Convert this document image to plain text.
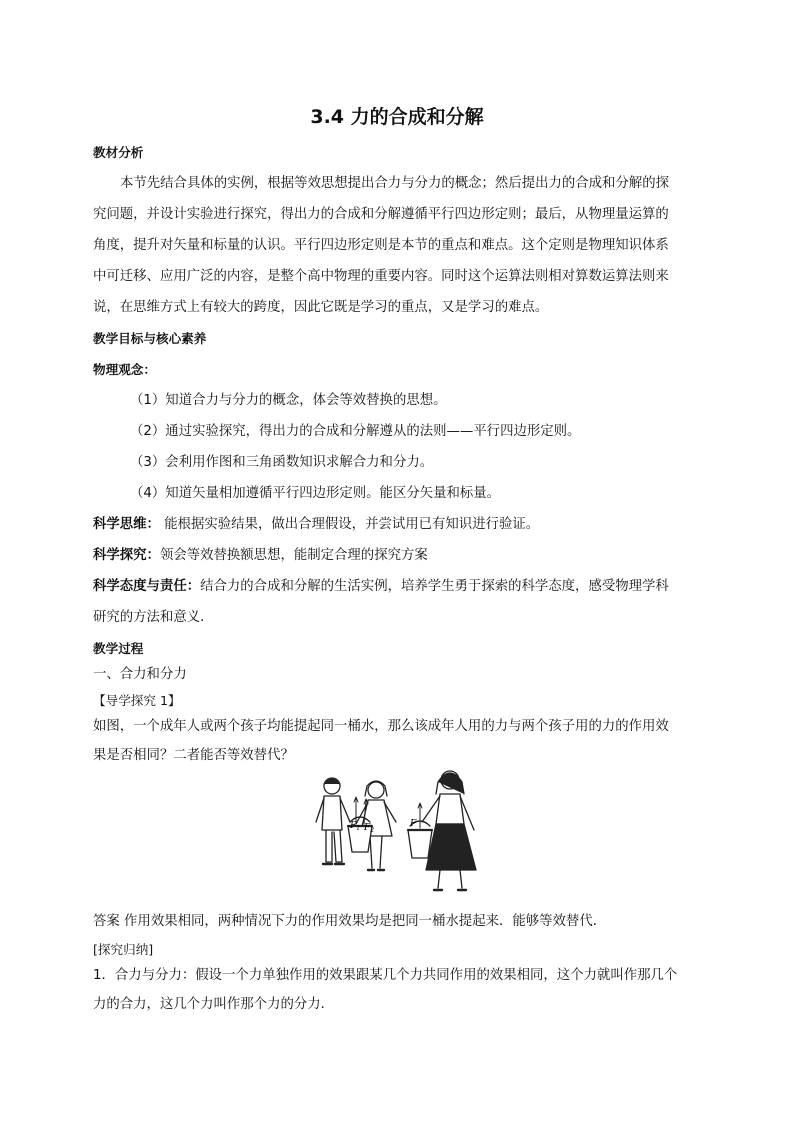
3.4 力的合成和分解
教材分析
本节先结合具体的实例，根据等效思想提出合力与分力的概念；然后提出力的合成和分解的探
究问题，并设计实验进行探究，得出力的合成和分解遵循平行四边形定则；最后，从物理量运算的
角度，提升对矢量和标量的认识。平行四边形定则是本节的重点和难点。这个定则是物理知识体系
中可迁移、应用广泛的内容，是整个高中物理的重要内容。同时这个运算法则相对算数运算法则来
说，在思维方式上有较大的跨度，因此它既是学习的重点，又是学习的难点。
教学目标与核心素养
物理观念：
（1）知道合力与分力的概念，体会等效替换的思想。
（2）通过实验探究，得出力的合成和分解遵从的法则——平行四边形定则。
（3）会利用作图和三角函数知识求解合力和分力。
（4）知道矢量相加遵循平行四边形定则。能区分矢量和标量。
科学思维： 能根据实验结果，做出合理假设，并尝试用已有知识进行验证。
科学探究：领会等效替换额思想，能制定合理的探究方案
科学态度与责任：结合力的合成和分解的生活实例，培养学生勇于探索的科学态度，感受物理学科
研究的方法和意义．
教学过程
一、合力和分力
【导学探究 1】
如图，一个成年人或两个孩子均能提起同一桶水，那么该成年人用的力与两个孩子用的力的作用效
果是否相同？二者能否等效替代？
$F_1$ $F_2$
F
答案 作用效果相同，两种情况下力的作用效果均是把同一桶水提起来．能够等效替代．
[探究归纳]
1．合力与分力：假设一个力单独作用的效果跟某几个力共同作用的效果相同，这个力就叫作那几个
力的合力，这几个力叫作那个力的分力．
